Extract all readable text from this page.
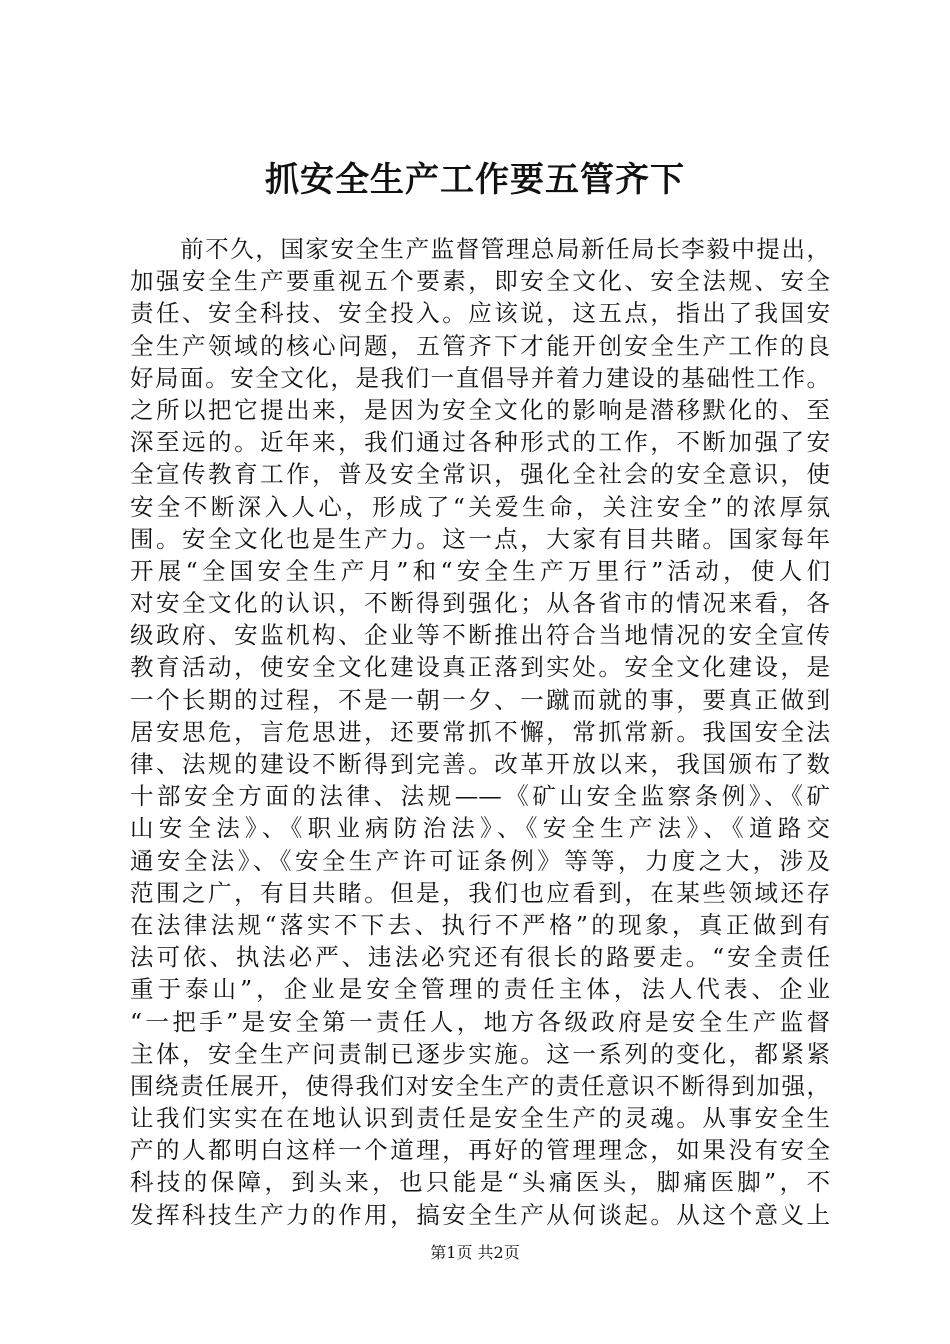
抓安全生产工作要五管齐下
　　前不久，国家安全生产监督管理总局新任局长李毅中提出，
加强安全生产要重视五个要素，即安全文化、安全法规、安全
责任、安全科技、安全投入。应该说，这五点，指出了我国安
全生产领域的核心问题，五管齐下才能开创安全生产工作的良
好局面。安全文化，是我们一直倡导并着力建设的基础性工作。
之所以把它提出来，是因为安全文化的影响是潜移默化的、至
深至远的。近年来，我们通过各种形式的工作，不断加强了安
全宣传教育工作，普及安全常识，强化全社会的安全意识，使
安全不断深入人心，形成了“关爱生命，关注安全”的浓厚氛
围。安全文化也是生产力。这一点，大家有目共睹。国家每年
开展“全国安全生产月”和“安全生产万里行”活动，使人们
对安全文化的认识，不断得到强化；从各省市的情况来看，各
级政府、安监机构、企业等不断推出符合当地情况的安全宣传
教育活动，使安全文化建设真正落到实处。安全文化建设，是
一个长期的过程，不是一朝一夕、一蹴而就的事，要真正做到
居安思危，言危思进，还要常抓不懈，常抓常新。我国安全法
律、法规的建设不断得到完善。改革开放以来，我国颁布了数
十部安全方面的法律、法规——《矿山安全监察条例》、《矿
山安全法》、《职业病防治法》、《安全生产法》、《道路交
通安全法》、《安全生产许可证条例》等等，力度之大，涉及
范围之广，有目共睹。但是，我们也应看到，在某些领域还存
在法律法规“落实不下去、执行不严格”的现象，真正做到有
法可依、执法必严、违法必究还有很长的路要走。“安全责任
重于泰山”，企业是安全管理的责任主体，法人代表、企业
“一把手”是安全第一责任人，地方各级政府是安全生产监督
主体，安全生产问责制已逐步实施。这一系列的变化，都紧紧
围绕责任展开，使得我们对安全生产的责任意识不断得到加强，
让我们实实在在地认识到责任是安全生产的灵魂。从事安全生
产的人都明白这样一个道理，再好的管理理念，如果没有安全
科技的保障，到头来，也只能是“头痛医头，脚痛医脚”，不
发挥科技生产力的作用，搞安全生产从何谈起。从这个意义上
第1页 共2页
